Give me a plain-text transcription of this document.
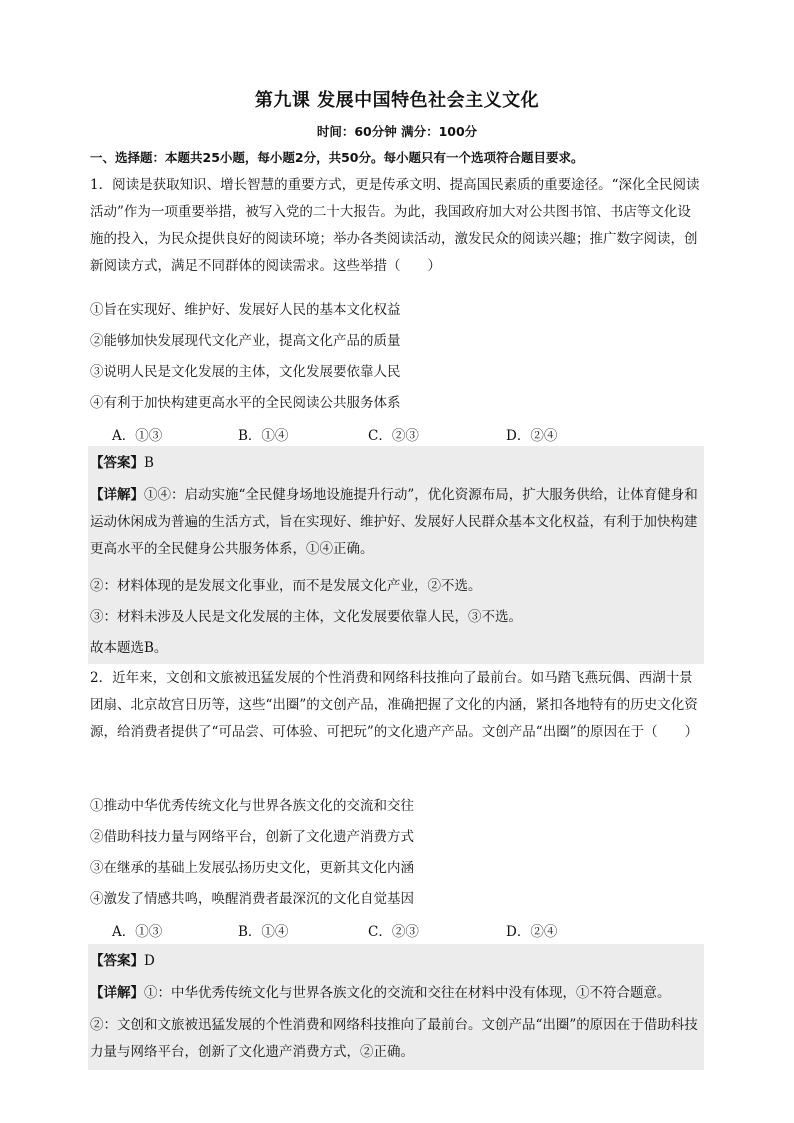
第九课 发展中国特色社会主义文化
时间：60分钟 满分：100分
一、选择题：本题共25小题，每小题2分，共50分。每小题只有一个选项符合题目要求。
1．阅读是获取知识、增长智慧的重要方式，更是传承文明、提高国民素质的重要途径。“深化全民阅读活动”作为一项重要举措，被写入党的二十大报告。为此，我国政府加大对公共图书馆、书店等文化设施的投入，为民众提供良好的阅读环境；举办各类阅读活动，激发民众的阅读兴趣；推广数字阅读，创新阅读方式，满足不同群体的阅读需求。这些举措（　　）
①旨在实现好、维护好、发展好人民的基本文化权益
②能够加快发展现代文化产业，提高文化产品的质量
③说明人民是文化发展的主体，文化发展要依靠人民
④有利于加快构建更高水平的全民阅读公共服务体系
A．①③	B．①④	C．②③	D．②④
【答案】B
【详解】①④：启动实施“全民健身场地设施提升行动”，优化资源布局，扩大服务供给，让体育健身和运动休闲成为普遍的生活方式，旨在实现好、维护好、发展好人民群众基本文化权益，有利于加快构建更高水平的全民健身公共服务体系，①④正确。
②：材料体现的是发展文化事业，而不是发展文化产业，②不选。
③：材料未涉及人民是文化发展的主体，文化发展要依靠人民，③不选。
故本题选B。
2．近年来，文创和文旅被迅猛发展的个性消费和网络科技推向了最前台。如马踏飞燕玩偶、西湖十景团扇、北京故宫日历等，这些“出圈”的文创产品，准确把握了文化的内涵，紧扣各地特有的历史文化资源，给消费者提供了“可品尝、可体验、可把玩”的文化遗产产品。文创产品“出圈”的原因在于（　　）
①推动中华优秀传统文化与世界各族文化的交流和交往
②借助科技力量与网络平台，创新了文化遗产消费方式
③在继承的基础上发展弘扬历史文化，更新其文化内涵
④激发了情感共鸣，唤醒消费者最深沉的文化自觉基因
A．①③	B．①④	C．②③	D．②④
【答案】D
【详解】①：中华优秀传统文化与世界各族文化的交流和交往在材料中没有体现，①不符合题意。
②：文创和文旅被迅猛发展的个性消费和网络科技推向了最前台。文创产品“出圈”的原因在于借助科技力量与网络平台，创新了文化遗产消费方式，②正确。
